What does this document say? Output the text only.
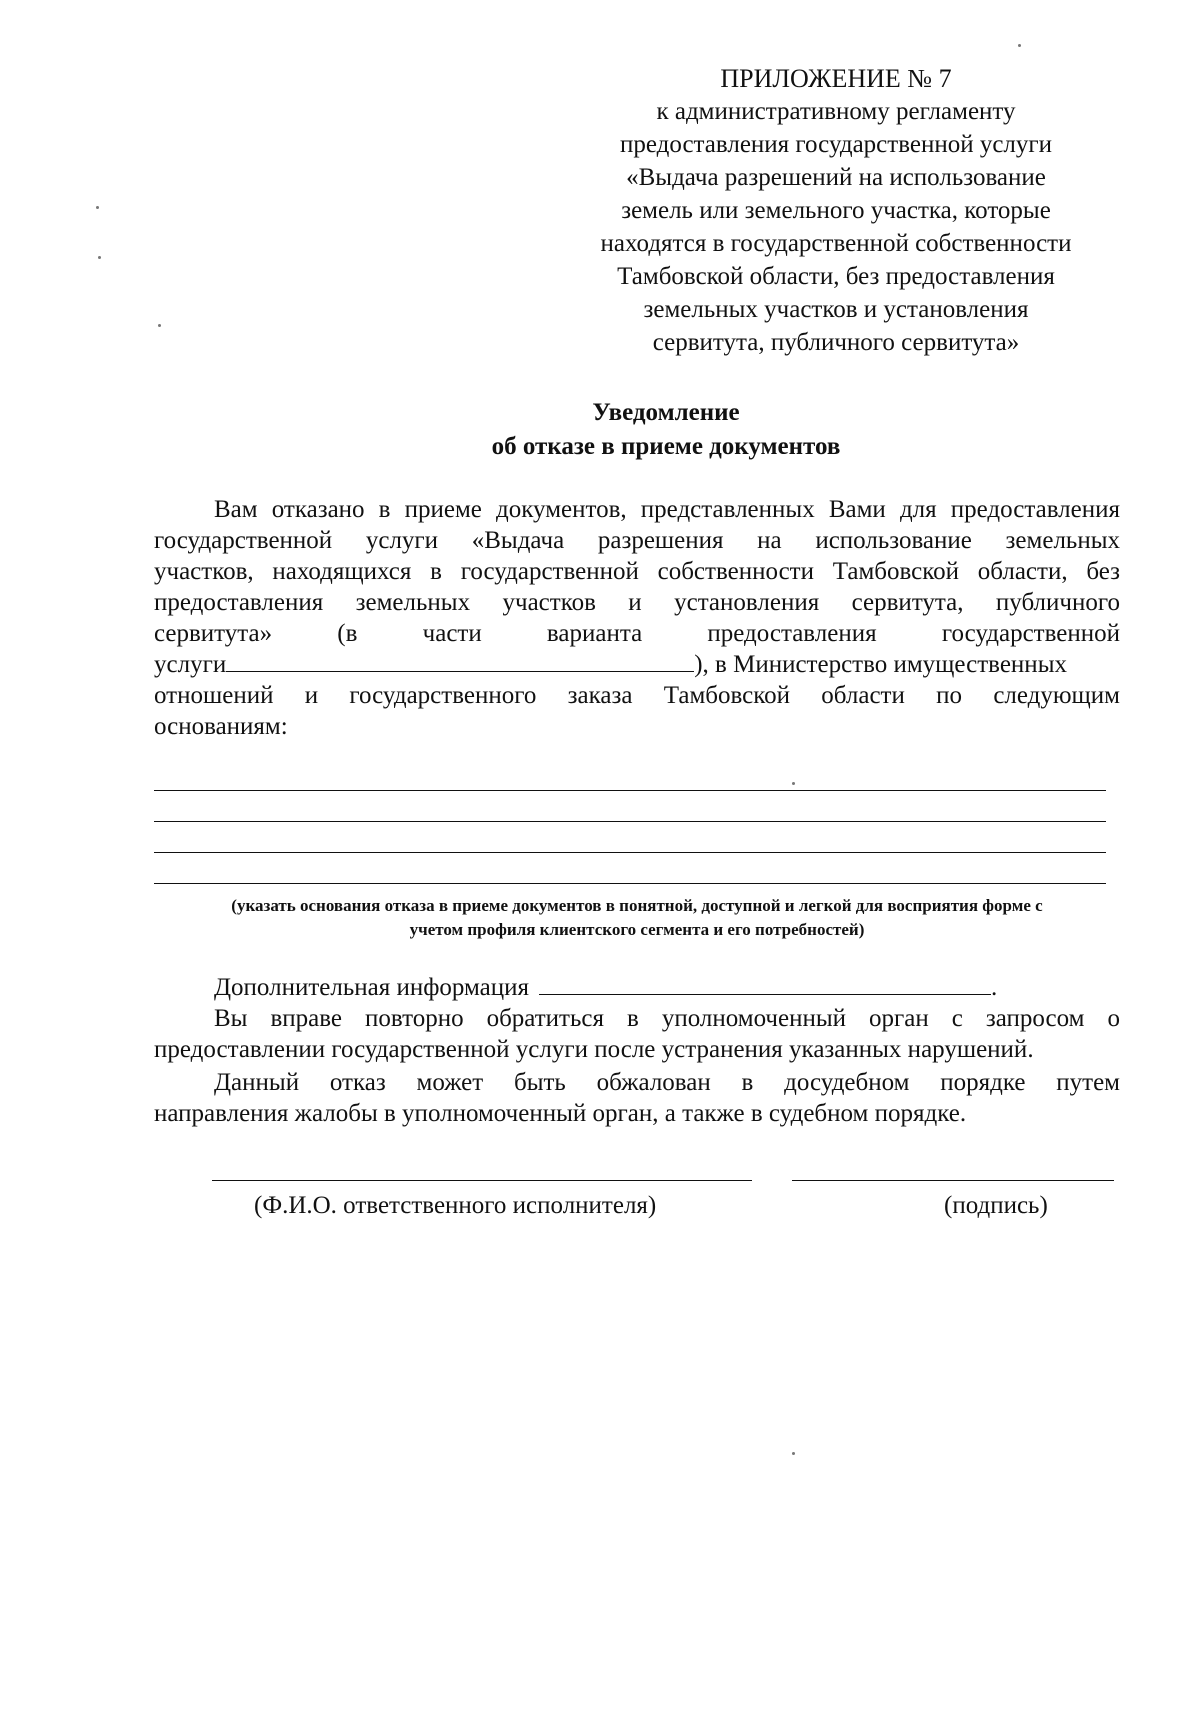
ПРИЛОЖЕНИЕ № 7
к административному регламенту
предоставления государственной услуги
«Выдача разрешений на использование
земель или земельного участка, которые
находятся в государственной собственности
Тамбовской области, без предоставления
земельных участков и установления
сервитута, публичного сервитута»
Уведомление
об отказе в приеме документов
Вам отказано в приеме документов, представленных Вами для предоставления
государственной услуги «Выдача разрешения на использование земельных
участков, находящихся в государственной собственности Тамбовской области, без
предоставления земельных участков и установления сервитута, публичного
сервитута» (в части варианта предоставления государственной
услуги	), в Министерство имущественных
отношений и государственного заказа Тамбовской области по следующим
основаниям:
(указать основания отказа в приеме документов в понятной, доступной и легкой для восприятия форме с
учетом профиля клиентского сегмента и его потребностей)
Дополнительная информация	.
Вы вправе повторно обратиться в уполномоченный орган с запросом о
предоставлении государственной услуги после устранения указанных нарушений.
Данный отказ может быть обжалован в досудебном порядке путем
направления жалобы в уполномоченный орган, а также в судебном порядке.
(Ф.И.О. ответственного исполнителя)	(подпись)
